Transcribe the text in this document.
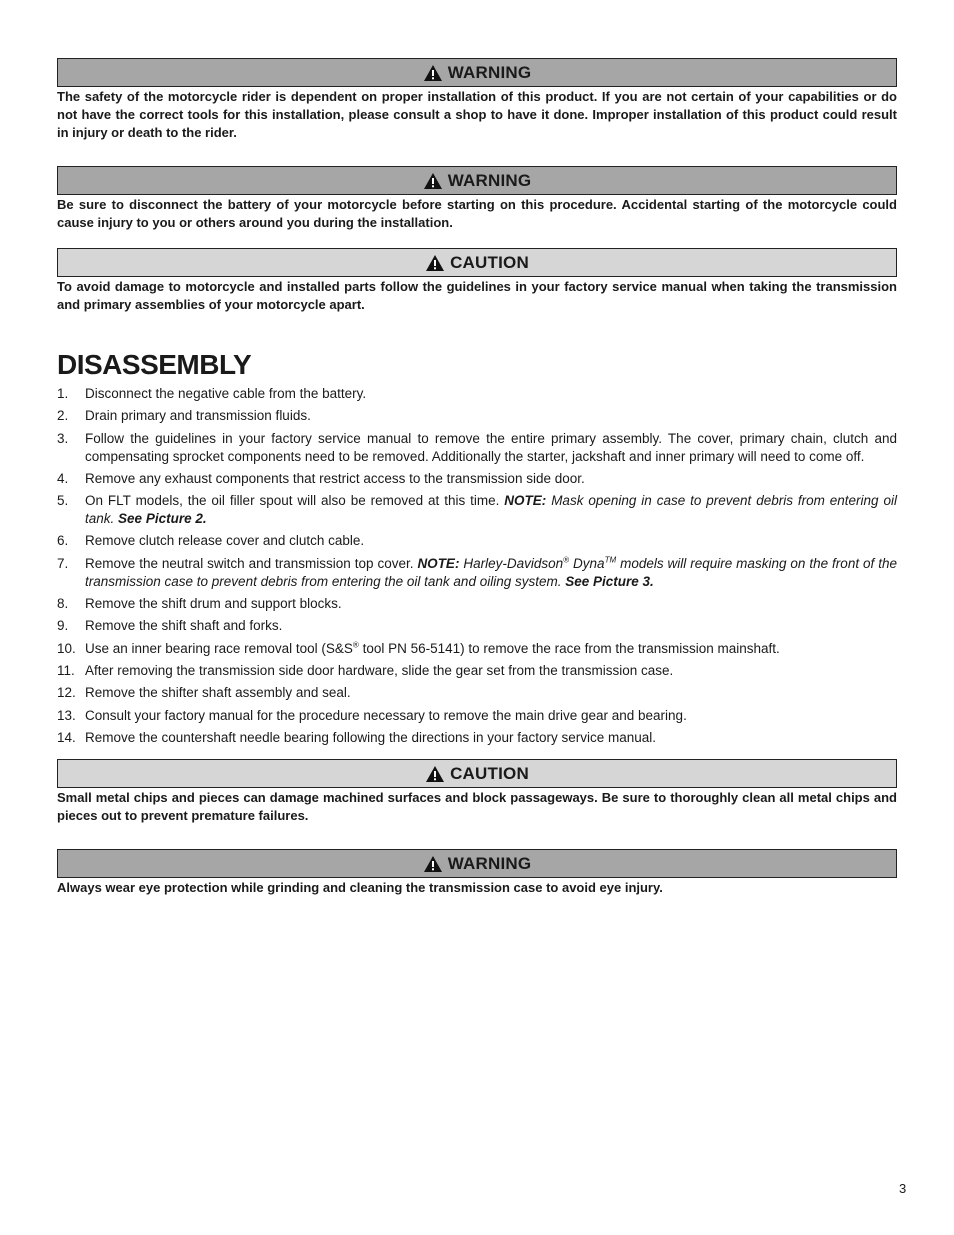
WARNING
The safety of the motorcycle rider is dependent on proper installation of this product. If you are not certain of your capabilities or do not have the correct tools for this installation, please consult a shop to have it done. Improper installation of this product could result in injury or death to the rider.
WARNING
Be sure to disconnect the battery of your motorcycle before starting on this procedure. Accidental starting of the motorcycle could cause injury to you or others around you during the installation.
CAUTION
To avoid damage to motorcycle and installed parts follow the guidelines in your factory service manual when taking the transmission and primary assemblies of your motorcycle apart.
DISASSEMBLY
1.	Disconnect the negative cable from the battery.
2.	Drain primary and transmission fluids.
3.	Follow the guidelines in your factory service manual to remove the entire primary assembly. The cover, primary chain, clutch and compensating sprocket components need to be removed. Additionally the starter, jackshaft and inner primary will need to come off.
4.	Remove any exhaust components that restrict access to the transmission side door.
5.	On FLT models, the oil filler spout will also be removed at this time. NOTE: Mask opening in case to prevent debris from entering oil tank. See Picture 2.
6.	Remove clutch release cover and clutch cable.
7.	Remove the neutral switch and transmission top cover. NOTE: Harley-Davidson® Dyna™ models will require masking on the front of the transmission case to prevent debris from entering the oil tank and oiling system. See Picture 3.
8.	Remove the shift drum and support blocks.
9.	Remove the shift shaft and forks.
10. Use an inner bearing race removal tool (S&S® tool PN 56-5141) to remove the race from the transmission mainshaft.
11. After removing the transmission side door hardware, slide the gear set from the transmission case.
12. Remove the shifter shaft assembly and seal.
13. Consult your factory manual for the procedure necessary to remove the main drive gear and bearing.
14. Remove the countershaft needle bearing following the directions in your factory service manual.
CAUTION
Small metal chips and pieces can damage machined surfaces and block passageways. Be sure to thoroughly clean all metal chips and pieces out to prevent premature failures.
WARNING
Always wear eye protection while grinding and cleaning the transmission case to avoid eye injury.
3
